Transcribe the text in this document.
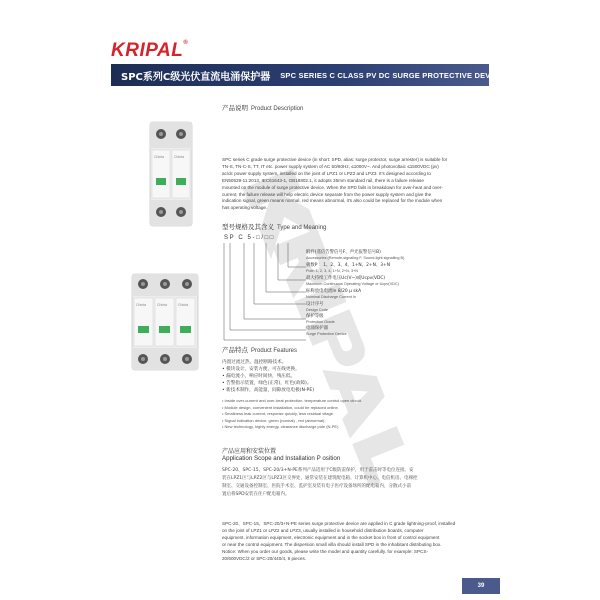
KRIPAL®
SPC系列C级光伏直流电涌保护器 SPC SERIES C CLASS PV DC SURGE PROTECTIVE DEVICE
Chinta	Chinta
Chinta	Chinta	Chinta
产品说明 Product Description
SPC series C grade surge protective device (in short: SPD, alias: surge protector, surge arrester) is suitable for
TN-S, TN-C-S, TT, IT etc. power supply system of AC 50/60Hz, ≤1000V~. And photovoltaic ≤1500VDC (pv)
ac/dc power supply system, installed on the joint of LPZ1 or LPZ2 and LPZ3. It's designed according to
EN50539-11:2013, IEC61643-1, GB18802.1, it adopts 35mm standard rail, there is a failure release
mounted on the module of surge protective device. When the SPD fails in breakdown for over-heat and over-
current, the failure release will help electric device separate from the power supply system and give the
indication signal, green means normal, red means abnormal, it's also could be replaced for the module when
has operating voltage.
型号规格及其含义 Type and Meaning
SP C 5-□/□□
附件(遥信告警信号F、声光报警信号B)
Accessories (Remote-signaling F, Sound-light signalling B)
极数P ：1、2、3、4、1+N、2+N、3+N
Pole: 1, 2, 3, 4, 1+N, 2+N, 3+N
最大持续工作电压Uc(V~)或Ucpv(VDC)
Maximum Continuous Operating Voltage or Ucpv(VDC)
标称放电电流In 8/20 μ skA
Nominal Discharge Current In
设计序号
Design Code
保护等级
Protection Grade
电涌保护器
Surge Protective Device
产品特点 Product Features
内置过流过热、温控断路技术。
• 模块设计，安装方便，可在线更换。
• 漏电流小，响应时间快，残压低。
• 告警指示装置，绿色(正常)，红色(故障)。
• 新技术制作，高能量，间隙放电电极(N-PE)
• Inside over-current and over-heat protection, temperature control open circuit.
• Module design, convenient installation, could be replaced online.
• Smallness leak current, response quickly, less residual vltage.
• Signal indication device, green (normal) , red (abnormal).
• New technology, highly energy, clearance discharge pole (N-PE)
产品应用和安装位置
Application Scope and Installation P osition
SPC-20、SPC-15、SPC-20/3+N-PE系列产品适用于C级防雷保护，用于雷击时等电位连接。安
装在LPZ1区与LPZ2区与LPZ3区交界处，通常安装在建筑配电箱、计算机中心、电信机房、电梯控
制室、交通设备控制室、医院手术室、监护室及装有电子医疗设备场所的配电箱内，分散式小前
置后将SPD安装在住户配电箱内。
SPC-20、SPC-15、SPC-20/3+N-PE series surge protective device are applied in C grade lightning-proof, installed
on the joint of LPZ1 or LPZ2 and LPZ3, usually installed in household distribution boards, computer
equipment, information equipment, electronic equipment and in the socket box in front of control equipment
or near the control equipment. The dispersion small villa should install SPD in the inhabitant distributing box.
Notice: When you order our goods, please write the model and quantity carefully. for example: SPCS-
20/600VDC/2 or SPC-20/440/4, 8 pieces.
39
